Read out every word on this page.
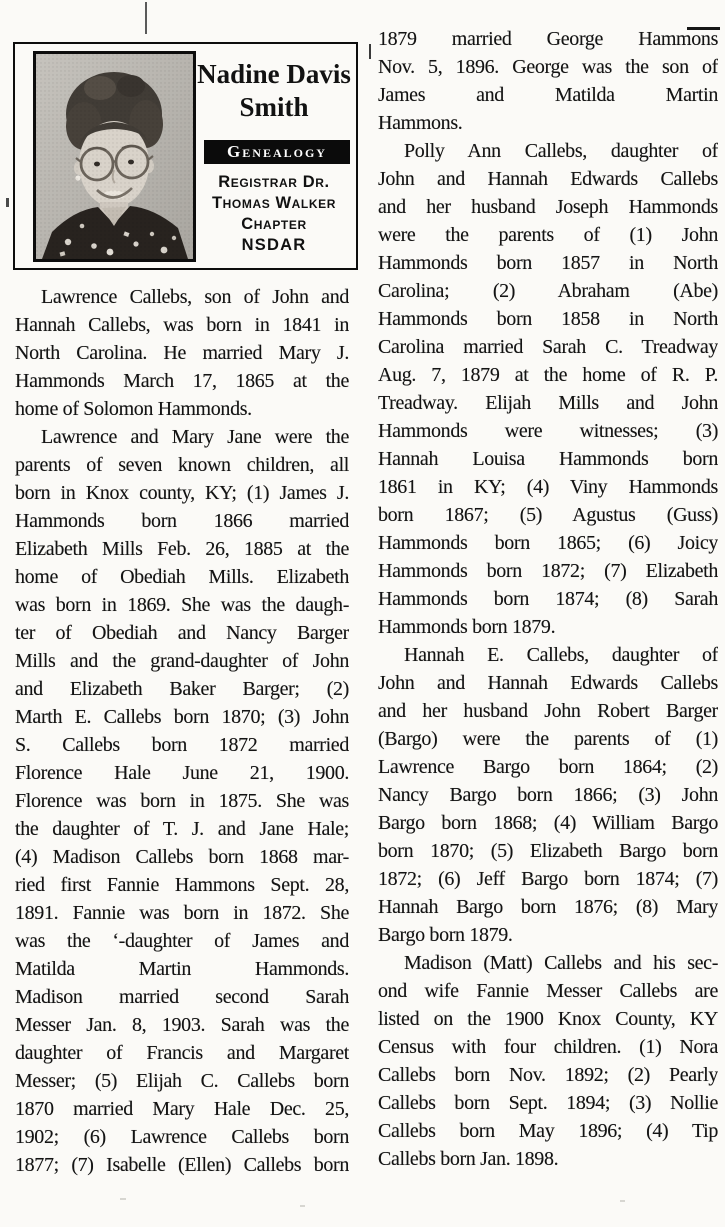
Nadine Davis
Smith
Genealogy
Registrar Dr.
Thomas Walker
Chapter
NSDAR
Lawrence Callebs, son of John and
Hannah Callebs, was born in 1841 in
North Carolina. He married Mary J.
Hammonds March 17, 1865 at the
home of Solomon Hammonds.
Lawrence and Mary Jane were the
parents of seven known children, all
born in Knox county, KY; (1) James J.
Hammonds born 1866 married
Elizabeth Mills Feb. 26, 1885 at the
home of Obediah Mills. Elizabeth
was born in 1869. She was the daugh-
ter of Obediah and Nancy Barger
Mills and the grand-daughter of John
and Elizabeth Baker Barger; (2)
Marth E. Callebs born 1870; (3) John
S. Callebs born 1872 married
Florence Hale June 21, 1900.
Florence was born in 1875. She was
the daughter of T. J. and Jane Hale;
(4) Madison Callebs born 1868 mar-
ried first Fannie Hammons Sept. 28,
1891. Fannie was born in 1872. She
was the ‘-daughter of James and
Matilda Martin Hammonds.
Madison married second Sarah
Messer Jan. 8, 1903. Sarah was the
daughter of Francis and Margaret
Messer; (5) Elijah C. Callebs born
1870 married Mary Hale Dec. 25,
1902; (6) Lawrence Callebs born
1877; (7) Isabelle (Ellen) Callebs born
1879 married George Hammons
Nov. 5, 1896. George was the son of
James and Matilda Martin
Hammons.
Polly Ann Callebs, daughter of
John and Hannah Edwards Callebs
and her husband Joseph Hammonds
were the parents of (1) John
Hammonds born 1857 in North
Carolina; (2) Abraham (Abe)
Hammonds born 1858 in North
Carolina married Sarah C. Treadway
Aug. 7, 1879 at the home of R. P.
Treadway. Elijah Mills and John
Hammonds were witnesses; (3)
Hannah Louisa Hammonds born
1861 in KY; (4) Viny Hammonds
born 1867; (5) Agustus (Guss)
Hammonds born 1865; (6) Joicy
Hammonds born 1872; (7) Elizabeth
Hammonds born 1874; (8) Sarah
Hammonds born 1879.
Hannah E. Callebs, daughter of
John and Hannah Edwards Callebs
and her husband John Robert Barger
(Bargo) were the parents of (1)
Lawrence Bargo born 1864; (2)
Nancy Bargo born 1866; (3) John
Bargo born 1868; (4) William Bargo
born 1870; (5) Elizabeth Bargo born
1872; (6) Jeff Bargo born 1874; (7)
Hannah Bargo born 1876; (8) Mary
Bargo born 1879.
Madison (Matt) Callebs and his sec-
ond wife Fannie Messer Callebs are
listed on the 1900 Knox County, KY
Census with four children. (1) Nora
Callebs born Nov. 1892; (2) Pearly
Callebs born Sept. 1894; (3) Nollie
Callebs born May 1896; (4) Tip
Callebs born Jan. 1898.
